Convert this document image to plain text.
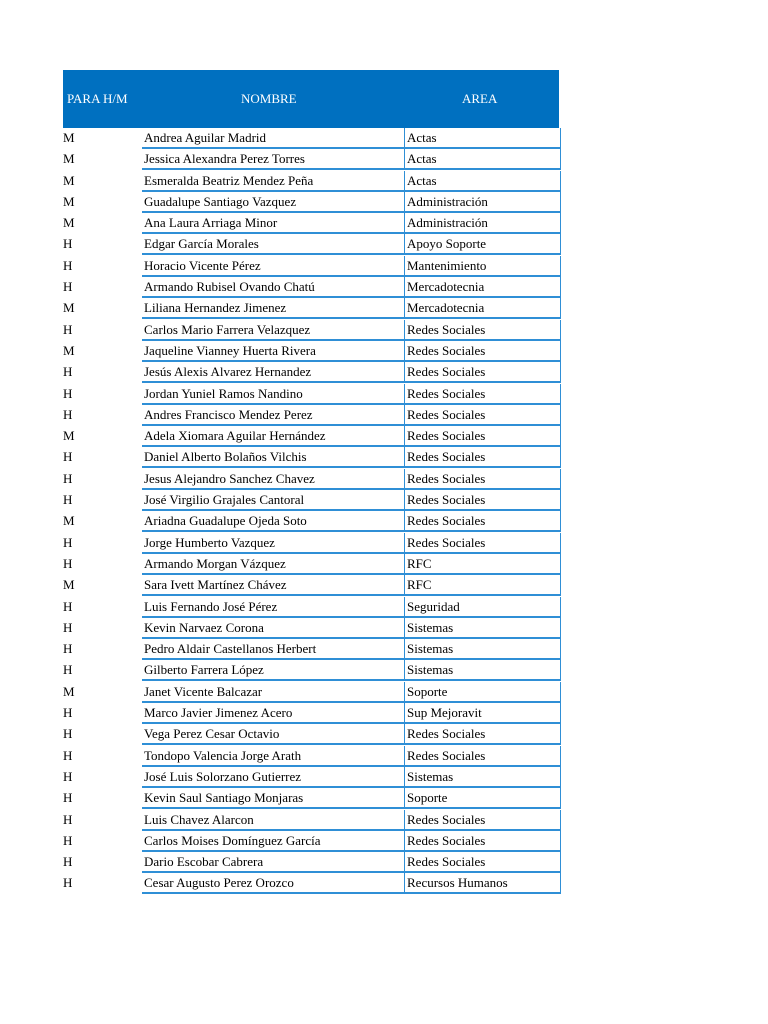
PARA H/M	NOMBRE	AREA
M	Andrea Aguilar Madrid	Actas
M	Jessica Alexandra Perez Torres	Actas
M	Esmeralda Beatriz Mendez Peña	Actas
M	Guadalupe Santiago Vazquez	Administración
M	Ana Laura Arriaga Minor	Administración
H	Edgar García Morales	Apoyo Soporte
H	Horacio Vicente Pérez	Mantenimiento
H	Armando Rubisel Ovando Chatú	Mercadotecnia
M	Liliana Hernandez Jimenez	Mercadotecnia
H	Carlos Mario Farrera Velazquez	Redes Sociales
M	Jaqueline Vianney Huerta Rivera	Redes Sociales
H	Jesús Alexis Alvarez Hernandez	Redes Sociales
H	Jordan Yuniel Ramos Nandino	Redes Sociales
H	Andres Francisco Mendez Perez	Redes Sociales
M	Adela Xiomara Aguilar Hernández	Redes Sociales
H	Daniel Alberto Bolaños Vilchis	Redes Sociales
H	Jesus Alejandro Sanchez Chavez	Redes Sociales
H	José Virgilio Grajales Cantoral	Redes Sociales
M	Ariadna Guadalupe Ojeda Soto	Redes Sociales
H	Jorge Humberto Vazquez	Redes Sociales
H	Armando Morgan Vázquez	RFC
M	Sara Ivett Martínez Chávez	RFC
H	Luis Fernando José Pérez	Seguridad
H	Kevin Narvaez Corona	Sistemas
H	Pedro Aldair Castellanos Herbert	Sistemas
H	Gilberto Farrera López	Sistemas
M	Janet Vicente Balcazar	Soporte
H	Marco Javier Jimenez Acero	Sup Mejoravit
H	Vega Perez Cesar Octavio	Redes Sociales
H	Tondopo Valencia Jorge Arath	Redes Sociales
H	José Luis Solorzano Gutierrez	Sistemas
H	Kevin Saul Santiago Monjaras	Soporte
H	Luis Chavez Alarcon	Redes Sociales
H	Carlos Moises Domínguez García	Redes Sociales
H	Dario Escobar Cabrera	Redes Sociales
H	Cesar Augusto Perez Orozco	Recursos Humanos
